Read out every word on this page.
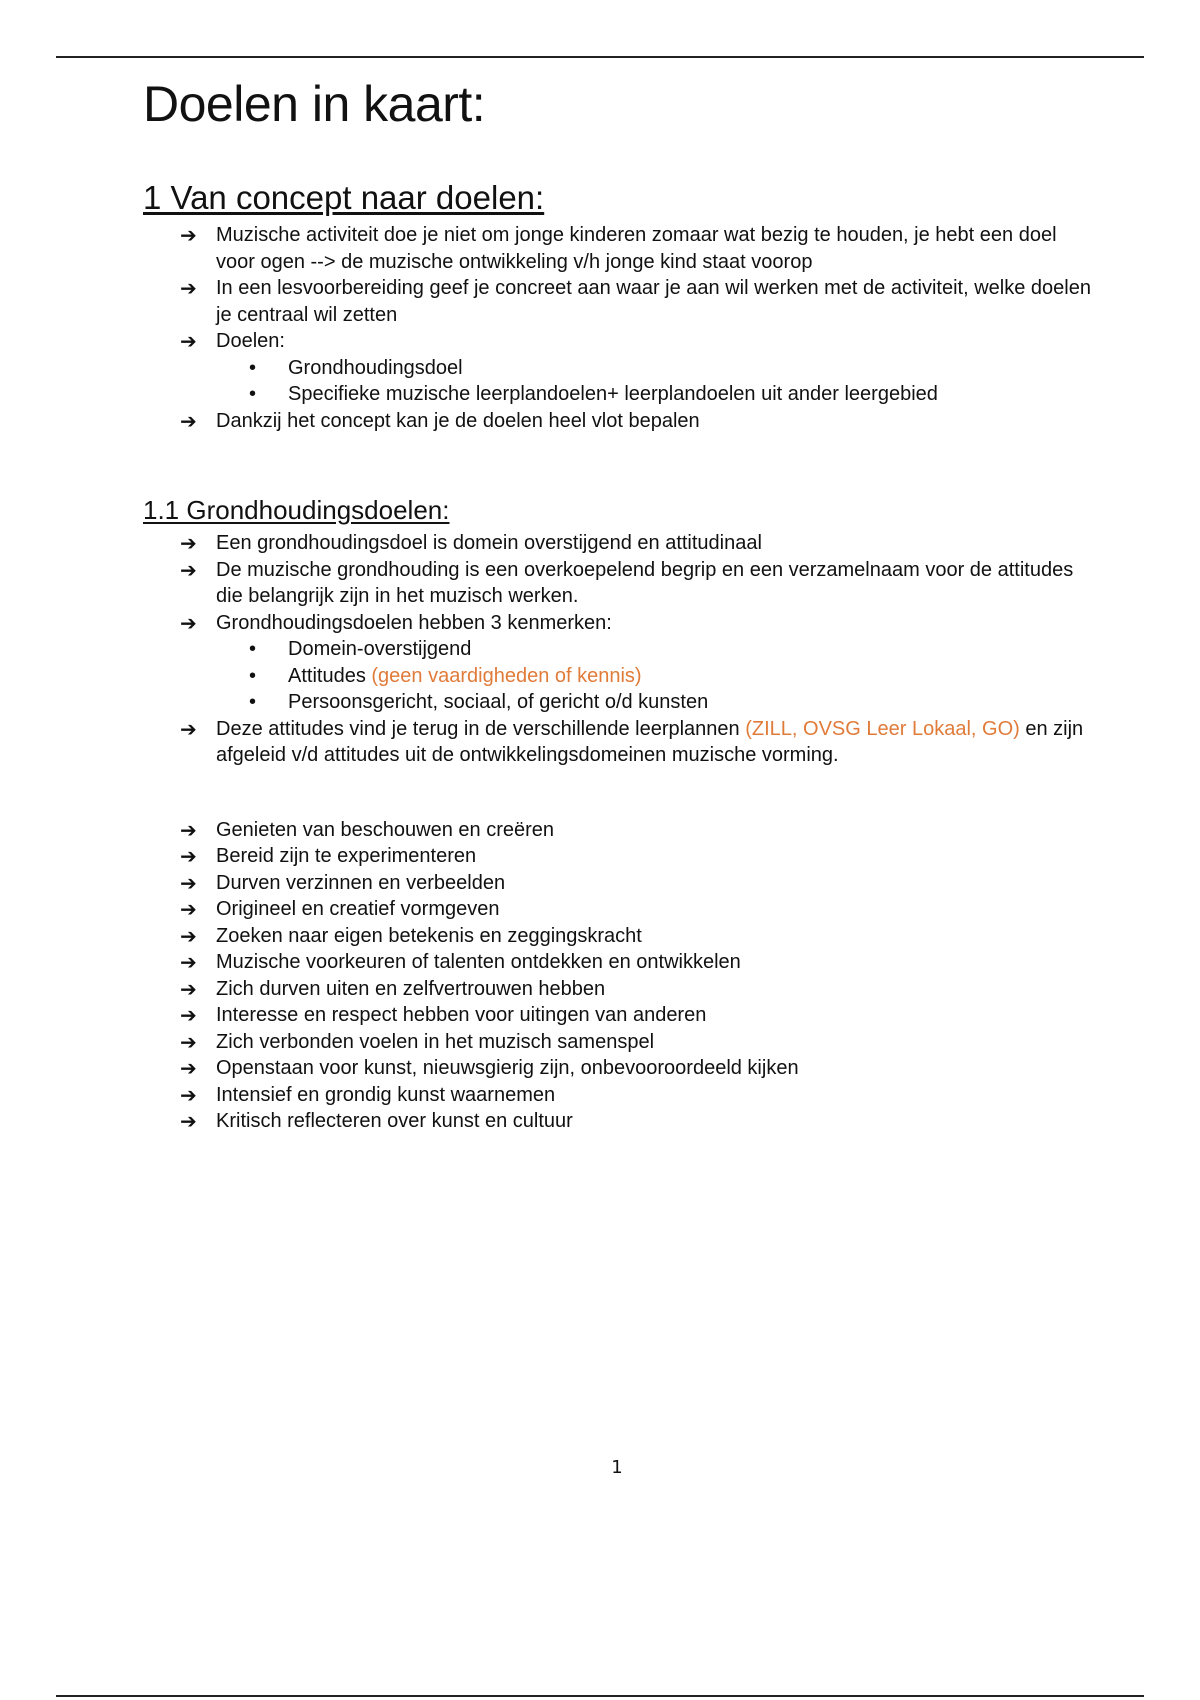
Doelen in kaart:
1 Van concept naar doelen:
➔ Muzische activiteit doe je niet om jonge kinderen zomaar wat bezig te houden, je hebt een doel voor ogen --> de muzische ontwikkeling v/h jonge kind staat voorop
➔ In een lesvoorbereiding geef je concreet aan waar je aan wil werken met de activiteit, welke doelen je centraal wil zetten
➔ Doelen:
• Grondhoudingsdoel
• Specifieke muzische leerplandoelen+ leerplandoelen uit ander leergebied
➔ Dankzij het concept kan je de doelen heel vlot bepalen
1.1 Grondhoudingsdoelen:
➔ Een grondhoudingsdoel is domein overstijgend en attitudinaal
➔ De muzische grondhouding is een overkoepelend begrip en een verzamelnaam voor de attitudes die belangrijk zijn in het muzisch werken.
➔ Grondhoudingsdoelen hebben 3 kenmerken:
• Domein-overstijgend
• Attitudes (geen vaardigheden of kennis)
• Persoonsgericht, sociaal, of gericht o/d kunsten
➔ Deze attitudes vind je terug in de verschillende leerplannen (ZILL, OVSG Leer Lokaal, GO) en zijn afgeleid v/d attitudes uit de ontwikkelingsdomeinen muzische vorming.
➔ Genieten van beschouwen en creëren
➔ Bereid zijn te experimenteren
➔ Durven verzinnen en verbeelden
➔ Origineel en creatief vormgeven
➔ Zoeken naar eigen betekenis en zeggingskracht
➔ Muzische voorkeuren of talenten ontdekken en ontwikkelen
➔ Zich durven uiten en zelfvertrouwen hebben
➔ Interesse en respect hebben voor uitingen van anderen
➔ Zich verbonden voelen in het muzisch samenspel
➔ Openstaan voor kunst, nieuwsgierig zijn, onbevooroordeeld kijken
➔ Intensief en grondig kunst waarnemen
➔ Kritisch reflecteren over kunst en cultuur
1
